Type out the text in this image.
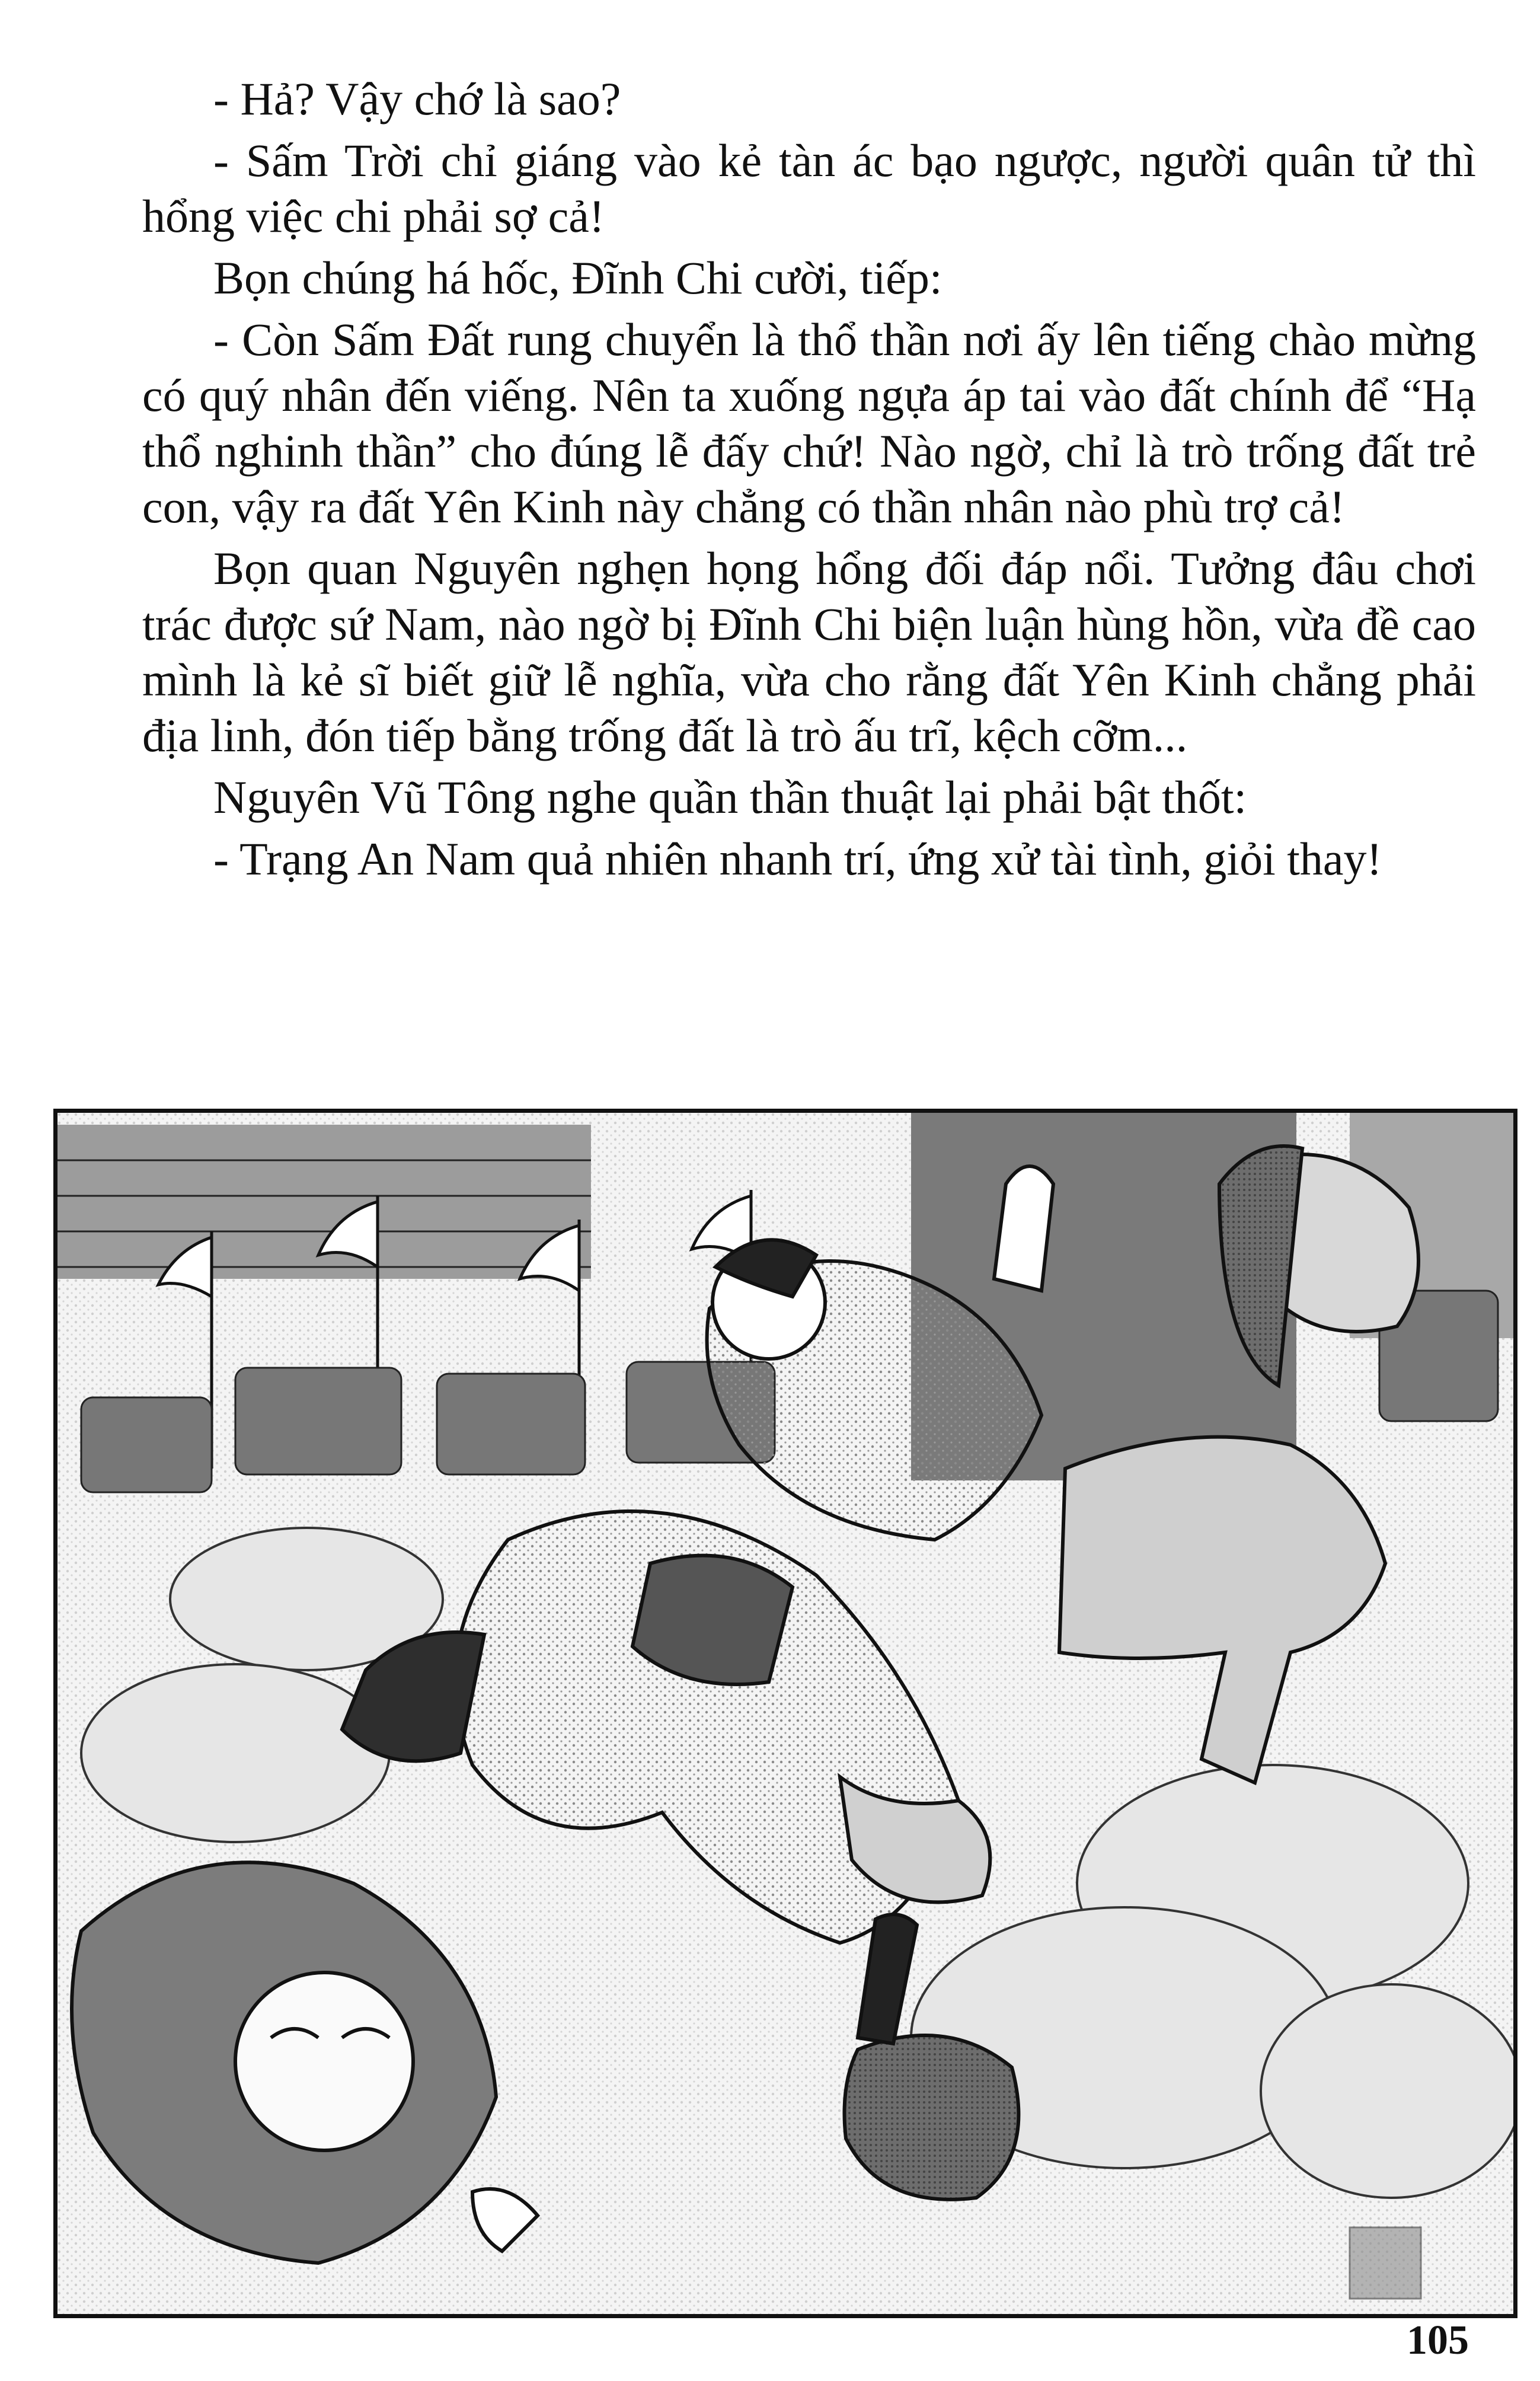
- Hả? Vậy chớ là sao?

- Sấm Trời chỉ giáng vào kẻ tàn ác bạo ngược, người quân tử thì hổng việc chi phải sợ cả!

Bọn chúng há hốc, Đĩnh Chi cười, tiếp:

- Còn Sấm Đất rung chuyển là thổ thần nơi ấy lên tiếng chào mừng có quý nhân đến viếng. Nên ta xuống ngựa áp tai vào đất chính để “Hạ thổ nghinh thần” cho đúng lễ đấy chứ! Nào ngờ, chỉ là trò trống đất trẻ con, vậy ra đất Yên Kinh này chẳng có thần nhân nào phù trợ cả!

Bọn quan Nguyên nghẹn họng hổng đối đáp nổi. Tưởng đâu chơi trác được sứ Nam, nào ngờ bị Đĩnh Chi biện luận hùng hồn, vừa đề cao mình là kẻ sĩ biết giữ lễ nghĩa, vừa cho rằng đất Yên Kinh chẳng phải địa linh, đón tiếp bằng trống đất là trò ấu trĩ, kệch cỡm...

Nguyên Vũ Tông nghe quần thần thuật lại phải bật thốt:

- Trạng An Nam quả nhiên nhanh trí, ứng xử tài tình, giỏi thay!

105
